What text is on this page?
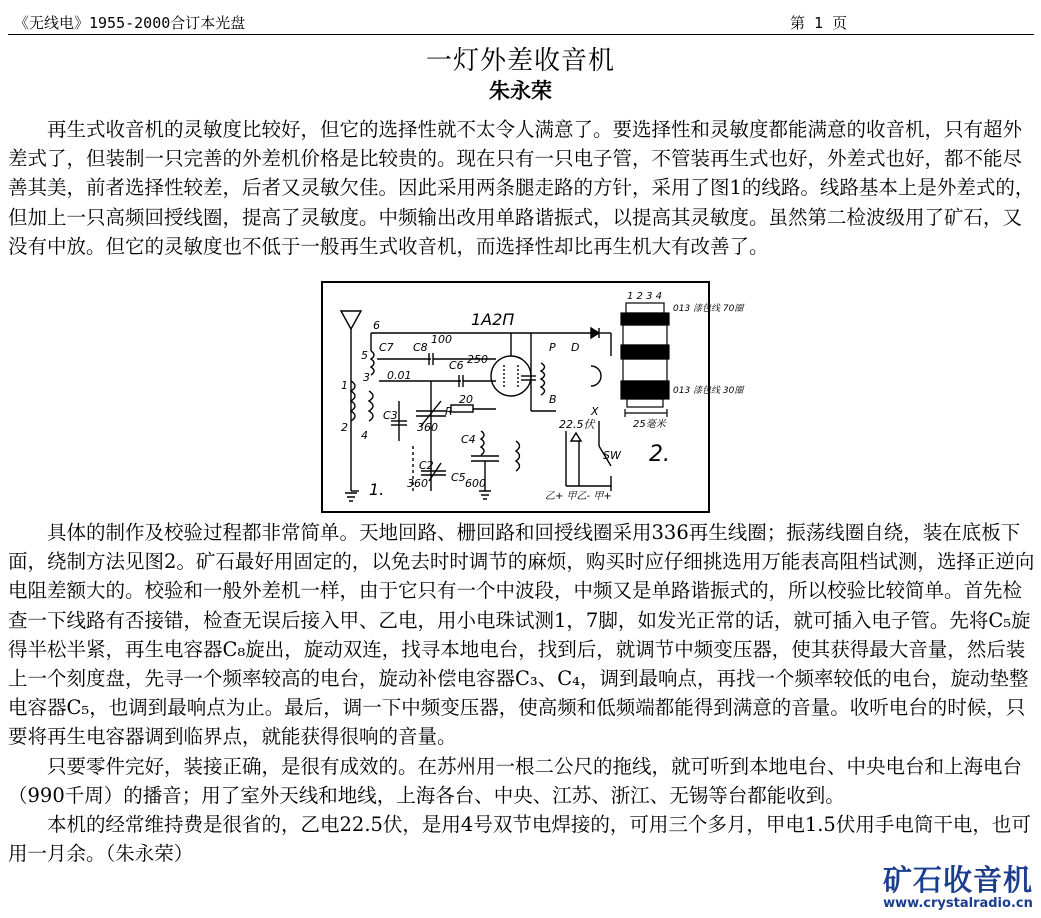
《无线电》1955-2000合订本光盘	第 1 页
一灯外差收音机
朱永荣

再生式收音机的灵敏度比较好，但它的选择性就不太令人满意了。要选择性和灵敏度都能满意的收音机，只有超外差式了，但装制一只完善的外差机价格是比较贵的。现在只有一只电子管，不管装再生式也好，外差式也好，都不能尽善其美，前者选择性较差，后者又灵敏欠佳。因此采用两条腿走路的方针，采用了图1的线路。线路基本上是外差式的，但加上一只高频回授线圈，提高了灵敏度。中频输出改用单路谐振式，以提高其灵敏度。虽然第二检波级用了矿石，又没有中放。但它的灵敏度也不低于一般再生式收音机，而选择性却比再生机大有改善了。

1A2Π
C7 C8
100
C6 250
0.01
C3	R
20
C4
C2
360
360 C5 600
P D
B
SW
X
22.5伏
乙+ 甲乙- 甲+
6
5
3
1
2
4
1.
2.
1 2 3 4
25毫米
013 漆包线 70圈
013 漆包线 30圈

具体的制作及校验过程都非常简单。天地回路、栅回路和回授线圈采用336再生线圈；振荡线圈自绕，装在底板下面，绕制方法见图2。矿石最好用固定的，以免去时时调节的麻烦，购买时应仔细挑选用万能表高阻档试测，选择正逆向电阻差额大的。校验和一般外差机一样，由于它只有一个中波段，中频又是单路谐振式的，所以校验比较简单。首先检查一下线路有否接错，检查无误后接入甲、乙电，用小电珠试测1，7脚，如发光正常的话，就可插入电子管。先将C₅旋得半松半紧，再生电容器C₈旋出，旋动双连，找寻本地电台，找到后，就调节中频变压器，使其获得最大音量，然后装上一个刻度盘，先寻一个频率较高的电台，旋动补偿电容器C₃、C₄，调到最响点，再找一个频率较低的电台，旋动垫整电容器C₅，也调到最响点为止。最后，调一下中频变压器，使高频和低频端都能得到满意的音量。收听电台的时候，只要将再生电容器调到临界点，就能获得很响的音量。

只要零件完好，装接正确，是很有成效的。在苏州用一根二公尺的拖线，就可听到本地电台、中央电台和上海电台（990千周）的播音；用了室外天线和地线，上海各台、中央、江苏、浙江、无锡等台都能收到。

本机的经常维持费是很省的，乙电22.5伏，是用4号双节电焊接的，可用三个多月，甲电1.5伏用手电筒干电，也可用一月余。（朱永荣）

矿石收音机
www.crystalradio.cn
